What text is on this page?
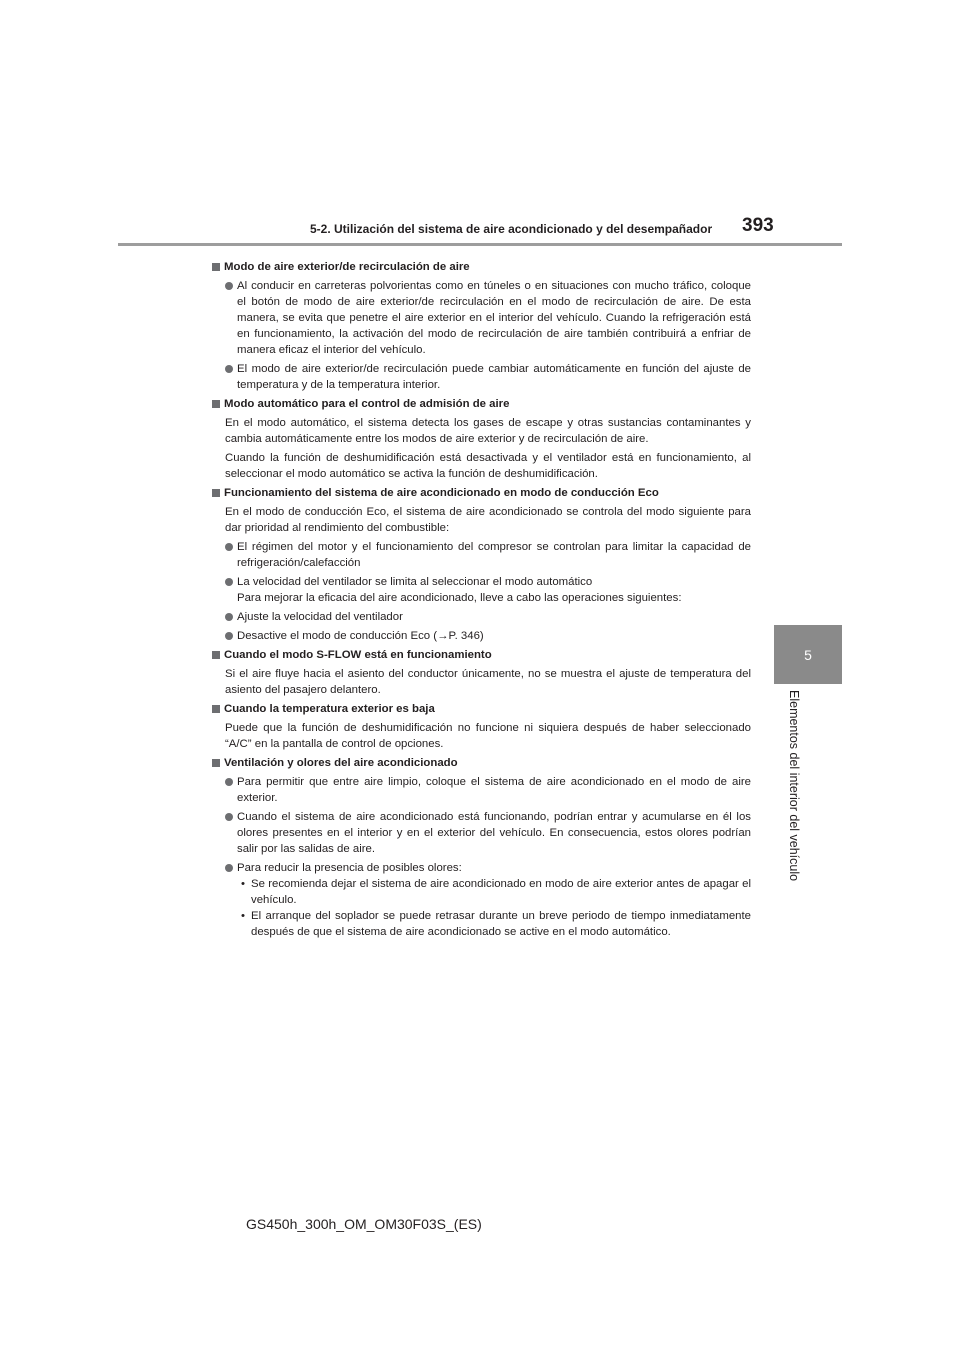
5-2. Utilización del sistema de aire acondicionado y del desempañador 393
5
Elementos del interior del vehículo
Modo de aire exterior/de recirculación de aire
Al conducir en carreteras polvorientas como en túneles o en situaciones con mucho tráfico, coloque el botón de modo de aire exterior/de recirculación en el modo de recirculación de aire. De esta manera, se evita que penetre el aire exterior en el interior del vehículo. Cuando la refrigeración está en funcionamiento, la activación del modo de recirculación de aire también contribuirá a enfriar de manera eficaz el interior del vehículo.
El modo de aire exterior/de recirculación puede cambiar automáticamente en función del ajuste de temperatura y de la temperatura interior.
Modo automático para el control de admisión de aire
En el modo automático, el sistema detecta los gases de escape y otras sustancias contaminantes y cambia automáticamente entre los modos de aire exterior y de recirculación de aire.
Cuando la función de deshumidificación está desactivada y el ventilador está en funcionamiento, al seleccionar el modo automático se activa la función de deshumidificación.
Funcionamiento del sistema de aire acondicionado en modo de conducción Eco
En el modo de conducción Eco, el sistema de aire acondicionado se controla del modo siguiente para dar prioridad al rendimiento del combustible:
El régimen del motor y el funcionamiento del compresor se controlan para limitar la capacidad de refrigeración/calefacción
La velocidad del ventilador se limita al seleccionar el modo automático
Para mejorar la eficacia del aire acondicionado, lleve a cabo las operaciones siguientes:
Ajuste la velocidad del ventilador
Desactive el modo de conducción Eco (→P. 346)
Cuando el modo S-FLOW está en funcionamiento
Si el aire fluye hacia el asiento del conductor únicamente, no se muestra el ajuste de temperatura del asiento del pasajero delantero.
Cuando la temperatura exterior es baja
Puede que la función de deshumidificación no funcione ni siquiera después de haber seleccionado “A/C” en la pantalla de control de opciones.
Ventilación y olores del aire acondicionado
Para permitir que entre aire limpio, coloque el sistema de aire acondicionado en el modo de aire exterior.
Cuando el sistema de aire acondicionado está funcionando, podrían entrar y acumularse en él los olores presentes en el interior y en el exterior del vehículo. En consecuencia, estos olores podrían salir por las salidas de aire.
Para reducir la presencia de posibles olores:
• Se recomienda dejar el sistema de aire acondicionado en modo de aire exterior antes de apagar el vehículo.
• El arranque del soplador se puede retrasar durante un breve periodo de tiempo inmediatamente después de que el sistema de aire acondicionado se active en el modo automático.
GS450h_300h_OM_OM30F03S_(ES)
